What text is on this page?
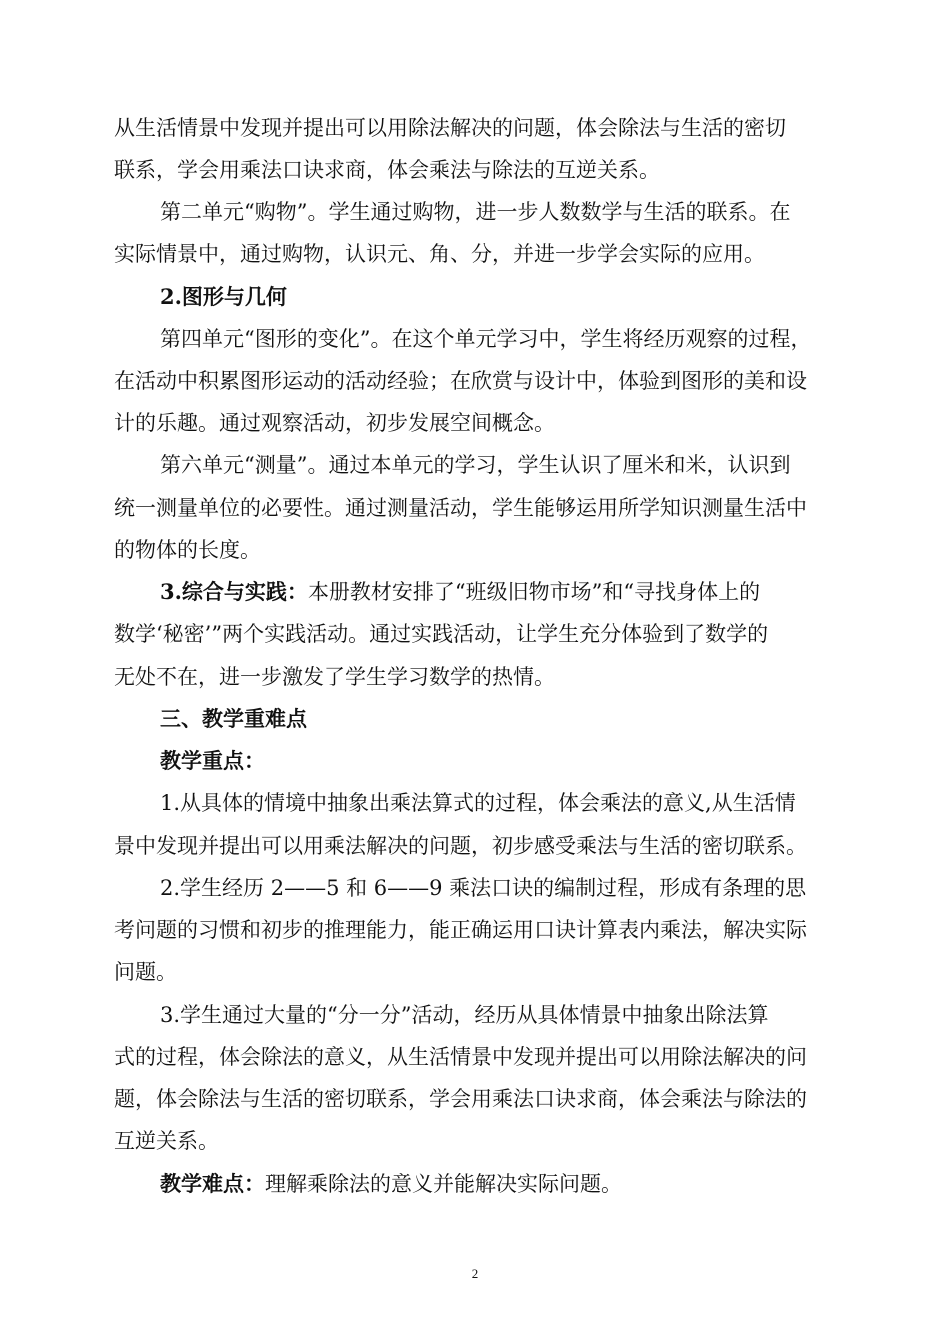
从生活情景中发现并提出可以用除法解决的问题，体会除法与生活的密切
联系，学会用乘法口诀求商，体会乘法与除法的互逆关系。
第二单元“购物”。学生通过购物，进一步人数数学与生活的联系。在
实际情景中，通过购物，认识元、角、分，并进一步学会实际的应用。
2.图形与几何
第四单元“图形的变化”。在这个单元学习中，学生将经历观察的过程，
在活动中积累图形运动的活动经验；在欣赏与设计中，体验到图形的美和设
计的乐趣。通过观察活动，初步发展空间概念。
第六单元“测量”。通过本单元的学习，学生认识了厘米和米，认识到
统一测量单位的必要性。通过测量活动，学生能够运用所学知识测量生活中
的物体的长度。
3.综合与实践：本册教材安排了“班级旧物市场”和“寻找身体上的
数学‘秘密’”两个实践活动。通过实践活动，让学生充分体验到了数学的
无处不在，进一步激发了学生学习数学的热情。
三、教学重难点
教学重点：
1.从具体的情境中抽象出乘法算式的过程，体会乘法的意义,从生活情
景中发现并提出可以用乘法解决的问题，初步感受乘法与生活的密切联系。
2.学生经历 2——5 和 6——9 乘法口诀的编制过程，形成有条理的思
考问题的习惯和初步的推理能力，能正确运用口诀计算表内乘法，解决实际
问题。
3.学生通过大量的“分一分”活动，经历从具体情景中抽象出除法算
式的过程，体会除法的意义，从生活情景中发现并提出可以用除法解决的问
题，体会除法与生活的密切联系，学会用乘法口诀求商，体会乘法与除法的
互逆关系。
教学难点：理解乘除法的意义并能解决实际问题。
2
